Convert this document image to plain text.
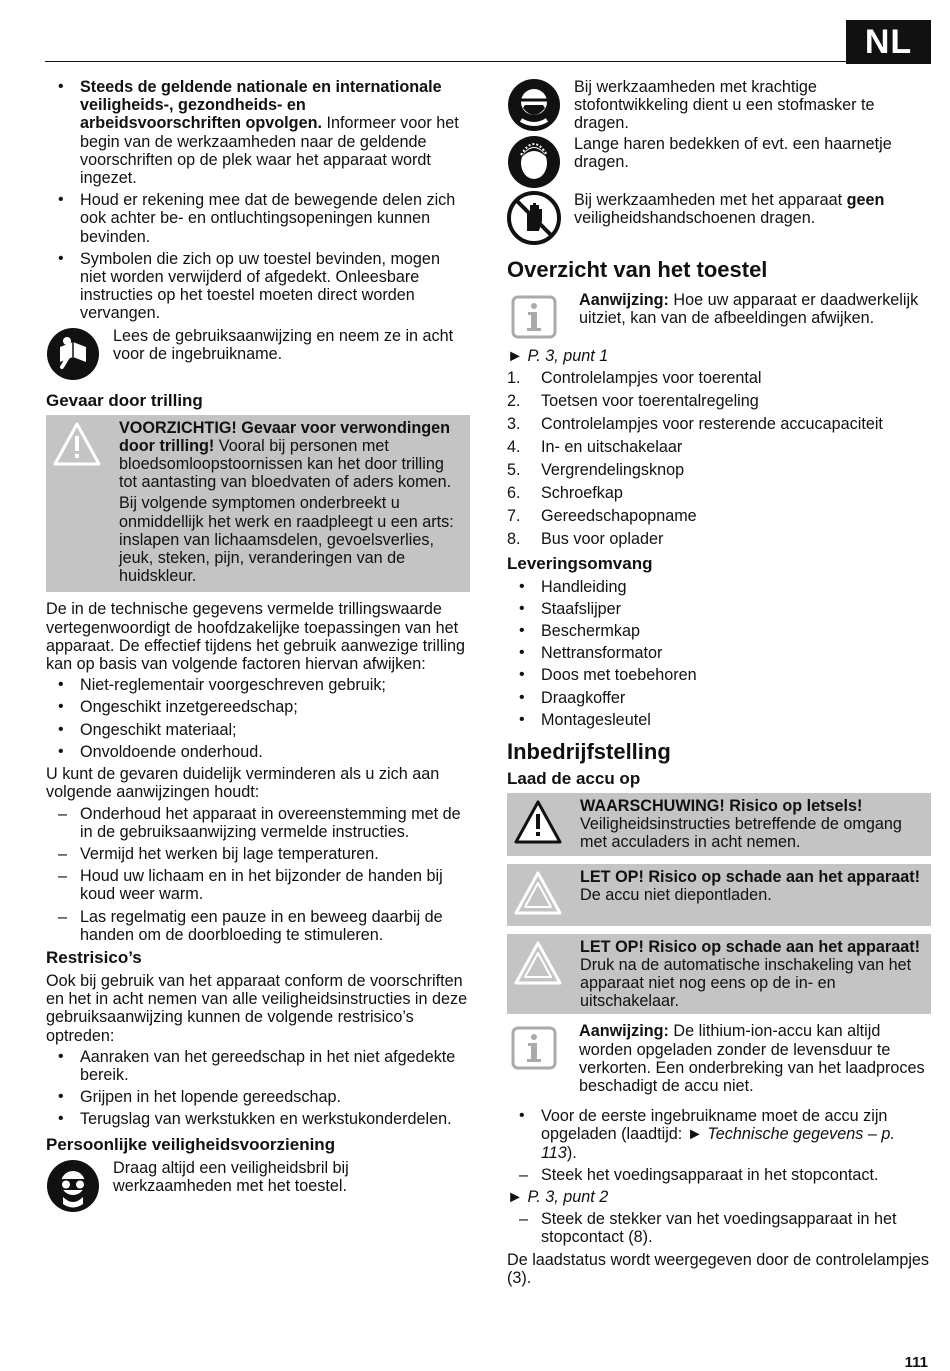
NL
• Steeds de geldende nationale en internationale veiligheids-, gezondheids- en arbeidsvoorschriften opvolgen. Informeer voor het begin van de werkzaamheden naar de geldende voorschriften op de plek waar het apparaat wordt ingezet.
• Houd er rekening mee dat de bewegende delen zich ook achter be- en ontluchtingsopeningen kunnen bevinden.
• Symbolen die zich op uw toestel bevinden, mogen niet worden verwijderd of afgedekt. Onleesbare instructies op het toestel moeten direct worden vervangen.
Lees de gebruiksaanwijzing en neem ze in acht voor de ingebruikname.
Gevaar door trilling

VOORZICHTIG! Gevaar voor verwondingen door trilling! Vooral bij personen met bloedsomloopstoornissen kan het door trilling tot aantasting van bloedvaten of aders komen.

Bij volgende symptomen onderbreekt u onmiddellijk het werk en raadpleegt u een arts: inslapen van lichaamsdelen, gevoelsverlies, jeuk, steken, pijn, veranderingen van de huidskleur.

De in de technische gegevens vermelde trillingswaarde vertegenwoordigt de hoofdzakelijke toepassingen van het apparaat. De effectief tijdens het gebruik aanwezige trilling kan op basis van volgende factoren hiervan afwijken:

• Niet-reglementair voorgeschreven gebruik;
• Ongeschikt inzetgereedschap;
• Ongeschikt materiaal;
• Onvoldoende onderhoud.

U kunt de gevaren duidelijk verminderen als u zich aan volgende aanwijzingen houdt:

– Onderhoud het apparaat in overeenstemming met de in de gebruiksaanwijzing vermelde instructies.
– Vermijd het werken bij lage temperaturen.
– Houd uw lichaam en in het bijzonder de handen bij koud weer warm.
– Las regelmatig een pauze in en beweeg daarbij de handen om de doorbloeding te stimuleren.
Restrisico’s

Ook bij gebruik van het apparaat conform de voorschriften en het in acht nemen van alle veiligheidsinstructies in deze gebruiksaanwijzing kunnen de volgende restrisico’s optreden:

• Aanraken van het gereedschap in het niet afgedekte bereik.
• Grijpen in het lopende gereedschap.
• Terugslag van werkstukken en werkstukonderdelen.
Persoonlijke veiligheidsvoorziening
Draag altijd een veiligheidsbril bij werkzaamheden met het toestel.
Bij werkzaamheden met krachtige stofontwikkeling dient u een stofmasker te dragen.
Lange haren bedekken of evt. een haarnetje dragen.
Bij werkzaamheden met het apparaat geen veiligheidshandschoenen dragen.
Overzicht van het toestel
Aanwijzing: Hoe uw apparaat er daadwerkelijk uitziet, kan van de afbeeldingen afwijken.
► P. 3, punt 1
1. Controlelampjes voor toerental
2. Toetsen voor toerentalregeling
3. Controlelampjes voor resterende accucapaciteit
4. In- en uitschakelaar
5. Vergrendelingsknop
6. Schroefkap
7. Gereedschapopname
8. Bus voor oplader
Leveringsomvang
• Handleiding
• Staafslijper
• Beschermkap
• Nettransformator
• Doos met toebehoren
• Draagkoffer
• Montagesleutel
Inbedrijfstelling
Laad de accu op
WAARSCHUWING! Risico op letsels!
Veiligheidsinstructies betreffende de omgang met acculaders in acht nemen.
LET OP! Risico op schade aan het apparaat! De accu niet diepontladen.
LET OP! Risico op schade aan het apparaat! Druk na de automatische inschakeling van het apparaat niet nog eens op de in- en uitschakelaar.
Aanwijzing: De lithium-ion-accu kan altijd worden opgeladen zonder de levensduur te verkorten. Een onderbreking van het laadproces beschadigt de accu niet.
• Voor de eerste ingebruikname moet de accu zijn opgeladen (laadtijd: ► Technische gegevens – p. 113).
– Steek het voedingsapparaat in het stopcontact.
► P. 3, punt 2
– Steek de stekker van het voedingsapparaat in het stopcontact (8).

De laadstatus wordt weergegeven door de controlelampjes (3).

111
